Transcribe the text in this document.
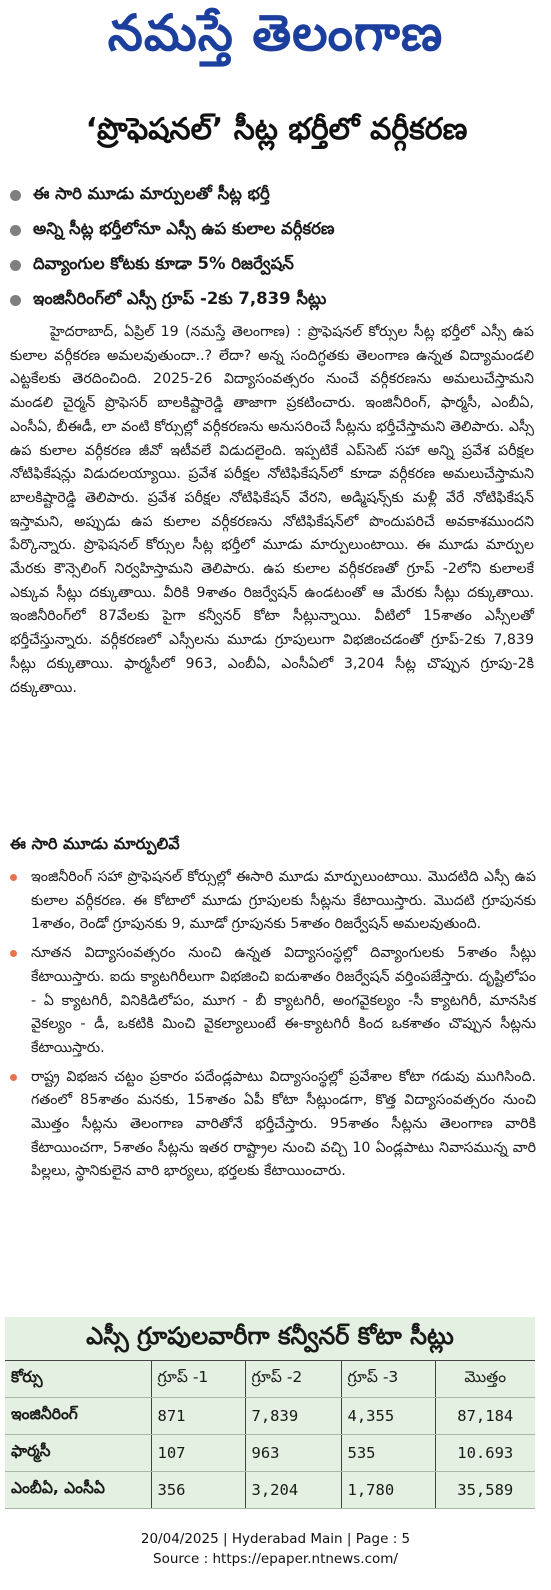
నమస్తే తెలంగాణ
‘ప్రొఫెషనల్’ సీట్ల భర్తీలో వర్గీకరణ
ఈ సారి మూడు మార్పులతో సీట్ల భర్తీ
అన్ని సీట్ల భర్తీలోనూ ఎస్సీ ఉప కులాల వర్గీకరణ
దివ్యాంగుల కోటకు కూడా 5% రిజర్వేషన్
ఇంజినీరింగ్‌లో ఎస్సీ గ్రూప్ -2కు 7,839 సీట్లు

హైదరాబాద్, ఏప్రిల్ 19 (నమస్తే తెలంగాణ) : ప్రొఫెషనల్ కోర్సుల సీట్ల భర్తీలో ఎస్సీ ఉప కులాల వర్గీకరణ అమలవుతుందా..? లేదా? అన్న సందిగ్ధతకు తెలంగాణ ఉన్నత విద్యామండలి ఎట్టకేలకు తెరదించింది. 2025-26 విద్యాసంవత్సరం నుంచే వర్గీకరణను అమలుచేస్తామని మండలి చైర్మన్ ప్రొఫెసర్ బాలకిష్టారెడ్డి తాజాగా ప్రకటించారు. ఇంజినీరింగ్, ఫార్మసీ, ఎంబీఏ, ఎంసీఏ, బీఈడీ, లా వంటి కోర్సుల్లో వర్గీకరణను అనుసరించే సీట్లను భర్తీచేస్తామని తెలిపారు. ఎస్సీ ఉప కులాల వర్గీకరణ జీవో ఇటీవలే విడుదలైంది. ఇప్పటికే ఎప్‌సెట్ సహా అన్ని ప్రవేశ పరీక్షల నోటిఫికేషన్లు విడుదలయ్యాయి. ప్రవేశ పరీక్షల నోటిఫికేషన్‌లో కూడా వర్గీకరణ అమలుచేస్తామని బాలకిష్టారెడ్డి తెలిపారు. ప్రవేశ పరీక్షల నోటిఫికేషన్ వేరని, అడ్మిషన్స్‌కు మళ్లీ వేరే నోటిఫికేషన్ ఇస్తామని, అప్పుడు ఉప కులాల వర్గీకరణను నోటిఫికేషన్‌లో పొందుపరిచే అవకాశముందని పేర్కొన్నారు. ప్రొఫెషనల్ కోర్సుల సీట్ల భర్తీలో మూడు మార్పులుంటాయి. ఈ మూడు మార్పుల మేరకు కౌన్సెలింగ్ నిర్వహిస్తామని తెలిపారు. ఉప కులాల వర్గీకరణతో గ్రూప్ -2లోని కులాలకే ఎక్కువ సీట్లు దక్కుతాయి. వీరికి 9శాతం రిజర్వేషన్ ఉండటంతో ఆ మేరకు సీట్లు దక్కుతాయి. ఇంజినీరింగ్‌లో 87వేలకు పైగా కన్వీనర్ కోటా సీట్లున్నాయి. వీటిలో 15శాతం ఎస్సీలతో భర్తీచేస్తున్నారు. వర్గీకరణలో ఎస్సీలను మూడు గ్రూపులుగా విభజించడంతో గ్రూప్-2కు 7,839 సీట్లు దక్కుతాయి. ఫార్మసీలో 963, ఎంబీఏ, ఎంసీఏలో 3,204 సీట్ల చొప్పున గ్రూపు-2కి దక్కుతాయి.

ఈ సారి మూడు మార్పులివే
ఇంజినీరింగ్ సహా ప్రొఫెషనల్ కోర్సుల్లో ఈసారి మూడు మార్పులుంటాయి. మొదటిది ఎస్సీ ఉప కులాల వర్గీకరణ. ఈ కోటాలో మూడు గ్రూపులకు సీట్లను కేటాయిస్తారు. మొదటి గ్రూపునకు 1శాతం, రెండో గ్రూపునకు 9, మూడో గ్రూపునకు 5శాతం రిజర్వేషన్ అమలవుతుంది.
నూతన విద్యాసంవత్సరం నుంచి ఉన్నత విద్యాసంస్థల్లో దివ్యాంగులకు 5శాతం సీట్లు కేటాయిస్తారు. ఐదు క్యాటగిరీలుగా విభజించి ఐదుశాతం రిజర్వేషన్ వర్తింపజేస్తారు. దృష్టిలోపం - ఏ క్యాటగిరీ, వినికిడిలోపం, మూగ - బీ క్యాటగిరీ, అంగవైకల్యం -సీ క్యాటగిరీ, మానసిక వైకల్యం - డీ, ఒకటికి మించి వైకల్యాలుంటే ఈ-క్యాటగిరీ కింద ఒకశాతం చొప్పున సీట్లను కేటాయిస్తారు.
రాష్ట్ర విభజన చట్టం ప్రకారం పదేండ్లపాటు విద్యాసంస్థల్లో ప్రవేశాల కోటా గడువు ముగిసింది. గతంలో 85శాతం మనకు, 15శాతం ఏపీ కోటా సీట్లుండగా, కొత్త విద్యాసంవత్సరం నుంచి మొత్తం సీట్లను తెలంగాణ వారితోనే భర్తీచేస్తారు. 95శాతం సీట్లను తెలంగాణ వారికి కేటాయించగా, 5శాతం సీట్లను ఇతర రాష్ట్రాల నుంచి వచ్చి 10 ఏండ్లపాటు నివాసమున్న వారి పిల్లలు, స్థానికులైన వారి భార్యలు, భర్తలకు కేటాయించారు.
ఎస్సీ గ్రూపులవారీగా కన్వీనర్ కోటా సీట్లు
కోర్సు	గ్రూప్ -1	గ్రూప్ -2	గ్రూప్ -3	మొత్తం
ఇంజినీరింగ్	871	7,839	4,355	87,184
ఫార్మసీ	107	963	535	10.693
ఎంబీఏ, ఎంసీఏ	356	3,204	1,780	35,589
20/04/2025 | Hyderabad Main | Page : 5
Source : https://epaper.ntnews.com/
